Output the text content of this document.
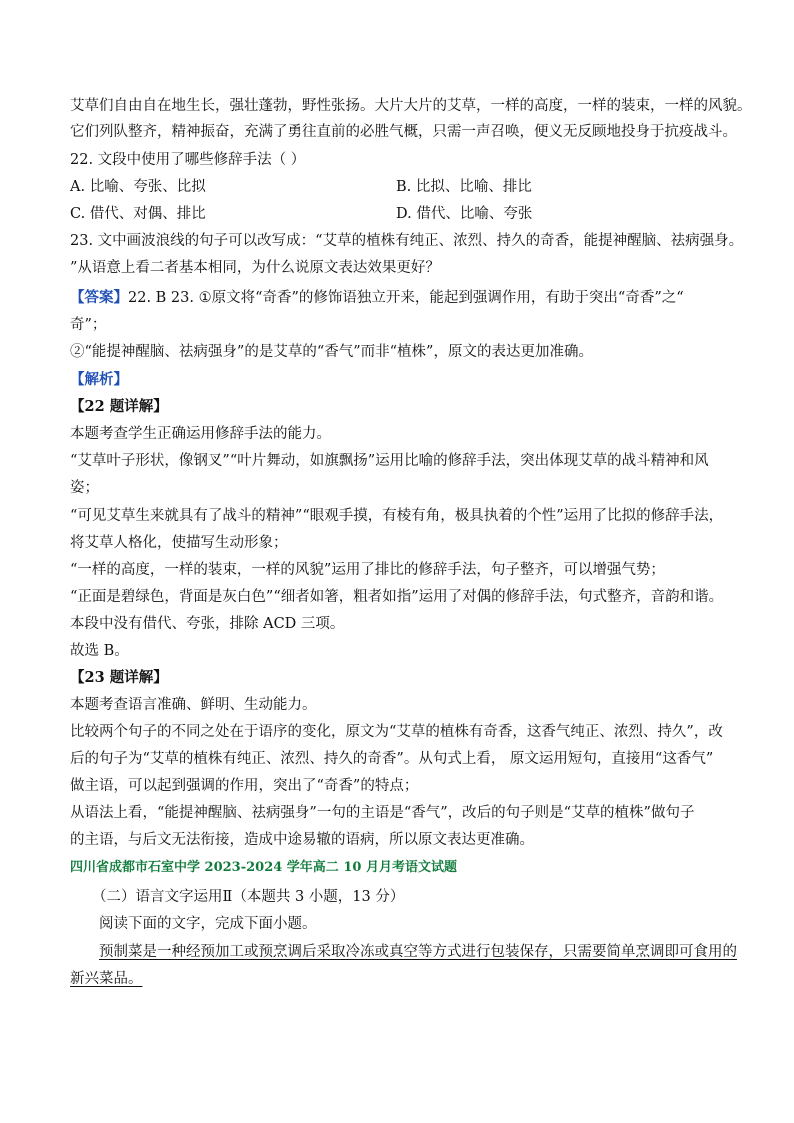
艾草们自由自在地生长，强壮蓬勃，野性张扬。大片大片的艾草，一样的高度，一样的装束，一样的风貌。
它们列队整齐，精神振奋，充满了勇往直前的必胜气概，只需一声召唤，便义无反顾地投身于抗疫战斗。
22. 文段中使用了哪些修辞手法（ ）
A. 比喻、夸张、比拟	B. 比拟、比喻、排比
C. 借代、对偶、排比	D. 借代、比喻、夸张
23. 文中画波浪线的句子可以改写成：“艾草的植株有纯正、浓烈、持久的奇香，能提神醒脑、祛病强身。
”从语意上看二者基本相同，为什么说原文表达效果更好？
【答案】22. B 23. ①原文将“奇香”的修饰语独立开来，能起到强调作用，有助于突出“奇香”之“
奇”；
②“能提神醒脑、祛病强身”的是艾草的“香气”而非“植株”，原文的表达更加准确。
【解析】
【22 题详解】
本题考查学生正确运用修辞手法的能力。
“艾草叶子形状，像钢叉”“叶片舞动，如旗飘扬”运用比喻的修辞手法，突出体现艾草的战斗精神和风
姿；
“可见艾草生来就具有了战斗的精神”“眼观手摸，有棱有角，极具执着的个性”运用了比拟的修辞手法，
将艾草人格化，使描写生动形象；
“一样的高度，一样的装束，一样的风貌”运用了排比的修辞手法，句子整齐，可以增强气势；
“正面是碧绿色，背面是灰白色”“细者如箸，粗者如指”运用了对偶的修辞手法，句式整齐，音韵和谐。
本段中没有借代、夸张，排除 ACD 三项。
故选 B。
【23 题详解】
本题考查语言准确、鲜明、生动能力。
比较两个句子的不同之处在于语序的变化，原文为“艾草的植株有奇香，这香气纯正、浓烈、持久”，改
后的句子为“艾草的植株有纯正、浓烈、持久的奇香”。从句式上看， 原文运用短句，直接用“这香气”
做主语，可以起到强调的作用，突出了“奇香”的特点；
从语法上看，“能提神醒脑、祛病强身”一句的主语是“香气”，改后的句子则是“艾草的植株”做句子
的主语，与后文无法衔接，造成中途易辙的语病，所以原文表达更准确。
四川省成都市石室中学 2023-2024 学年高二 10 月月考语文试题
（二）语言文字运用Ⅱ（本题共 3 小题，13 分）
阅读下面的文字，完成下面小题。
预制菜是一种经预加工或预烹调后采取冷冻或真空等方式进行包装保存，只需要简单烹调即可食用的
新兴菜品。
